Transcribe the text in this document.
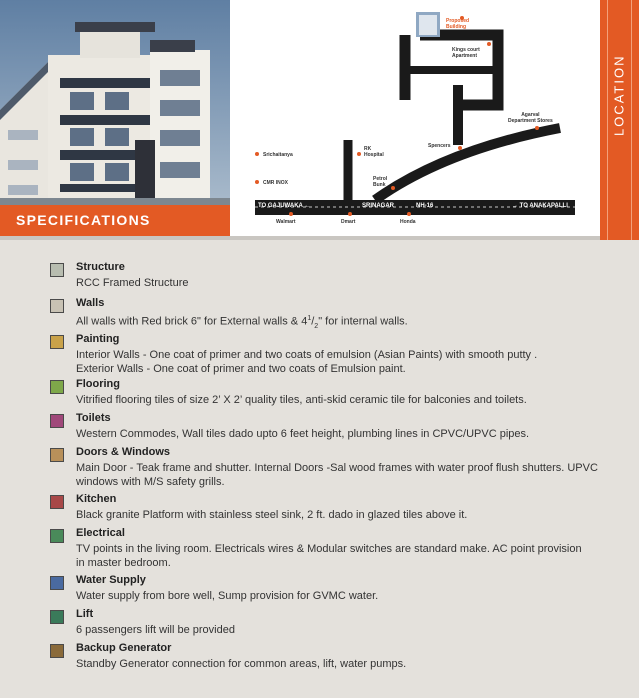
SPECIFICATIONS
Proposed
Building
Kings court
Apartment
Agarval
Department Stores
Spencers
RK
Hospital
Srichaitanya
CMR INOX
Petrol
Bunk
Walmart	Dmart	Honda
TO GAJUWAKA ←	SRINAGAR	NH-16	→ TO ANAKAPALLI
Structure
RCC Framed Structure
Walls
All walls with Red brick 6" for External walls & $4^1/_2$" for internal walls.
Painting
Interior Walls - One coat of primer and two coats of emulsion (Asian Paints) with smooth putty .
Exterior Walls - One coat of primer and two coats of Emulsion paint.
Flooring
Vitrified flooring tiles of size 2’ X 2’ quality tiles, anti-skid ceramic tile for balconies and toilets.
Toilets
Western Commodes, Wall tiles dado upto 6 feet height, plumbing lines in CPVC/UPVC pipes.
Doors & Windows
Main Door - Teak frame and shutter. Internal Doors -Sal wood frames with water proof flush shutters. UPVC
windows with M/S safety grills.
Kitchen
Black granite Platform with stainless steel sink, 2 ft. dado in glazed tiles above it.
Electrical
TV points in the living room. Electricals wires & Modular switches are standard make. AC point provision
in master bedroom.
Water Supply
Water supply from bore well, Sump provision for GVMC water.
Lift
6 passengers lift will be provided
Backup Generator
Standby Generator connection for common areas, lift, water pumps.
